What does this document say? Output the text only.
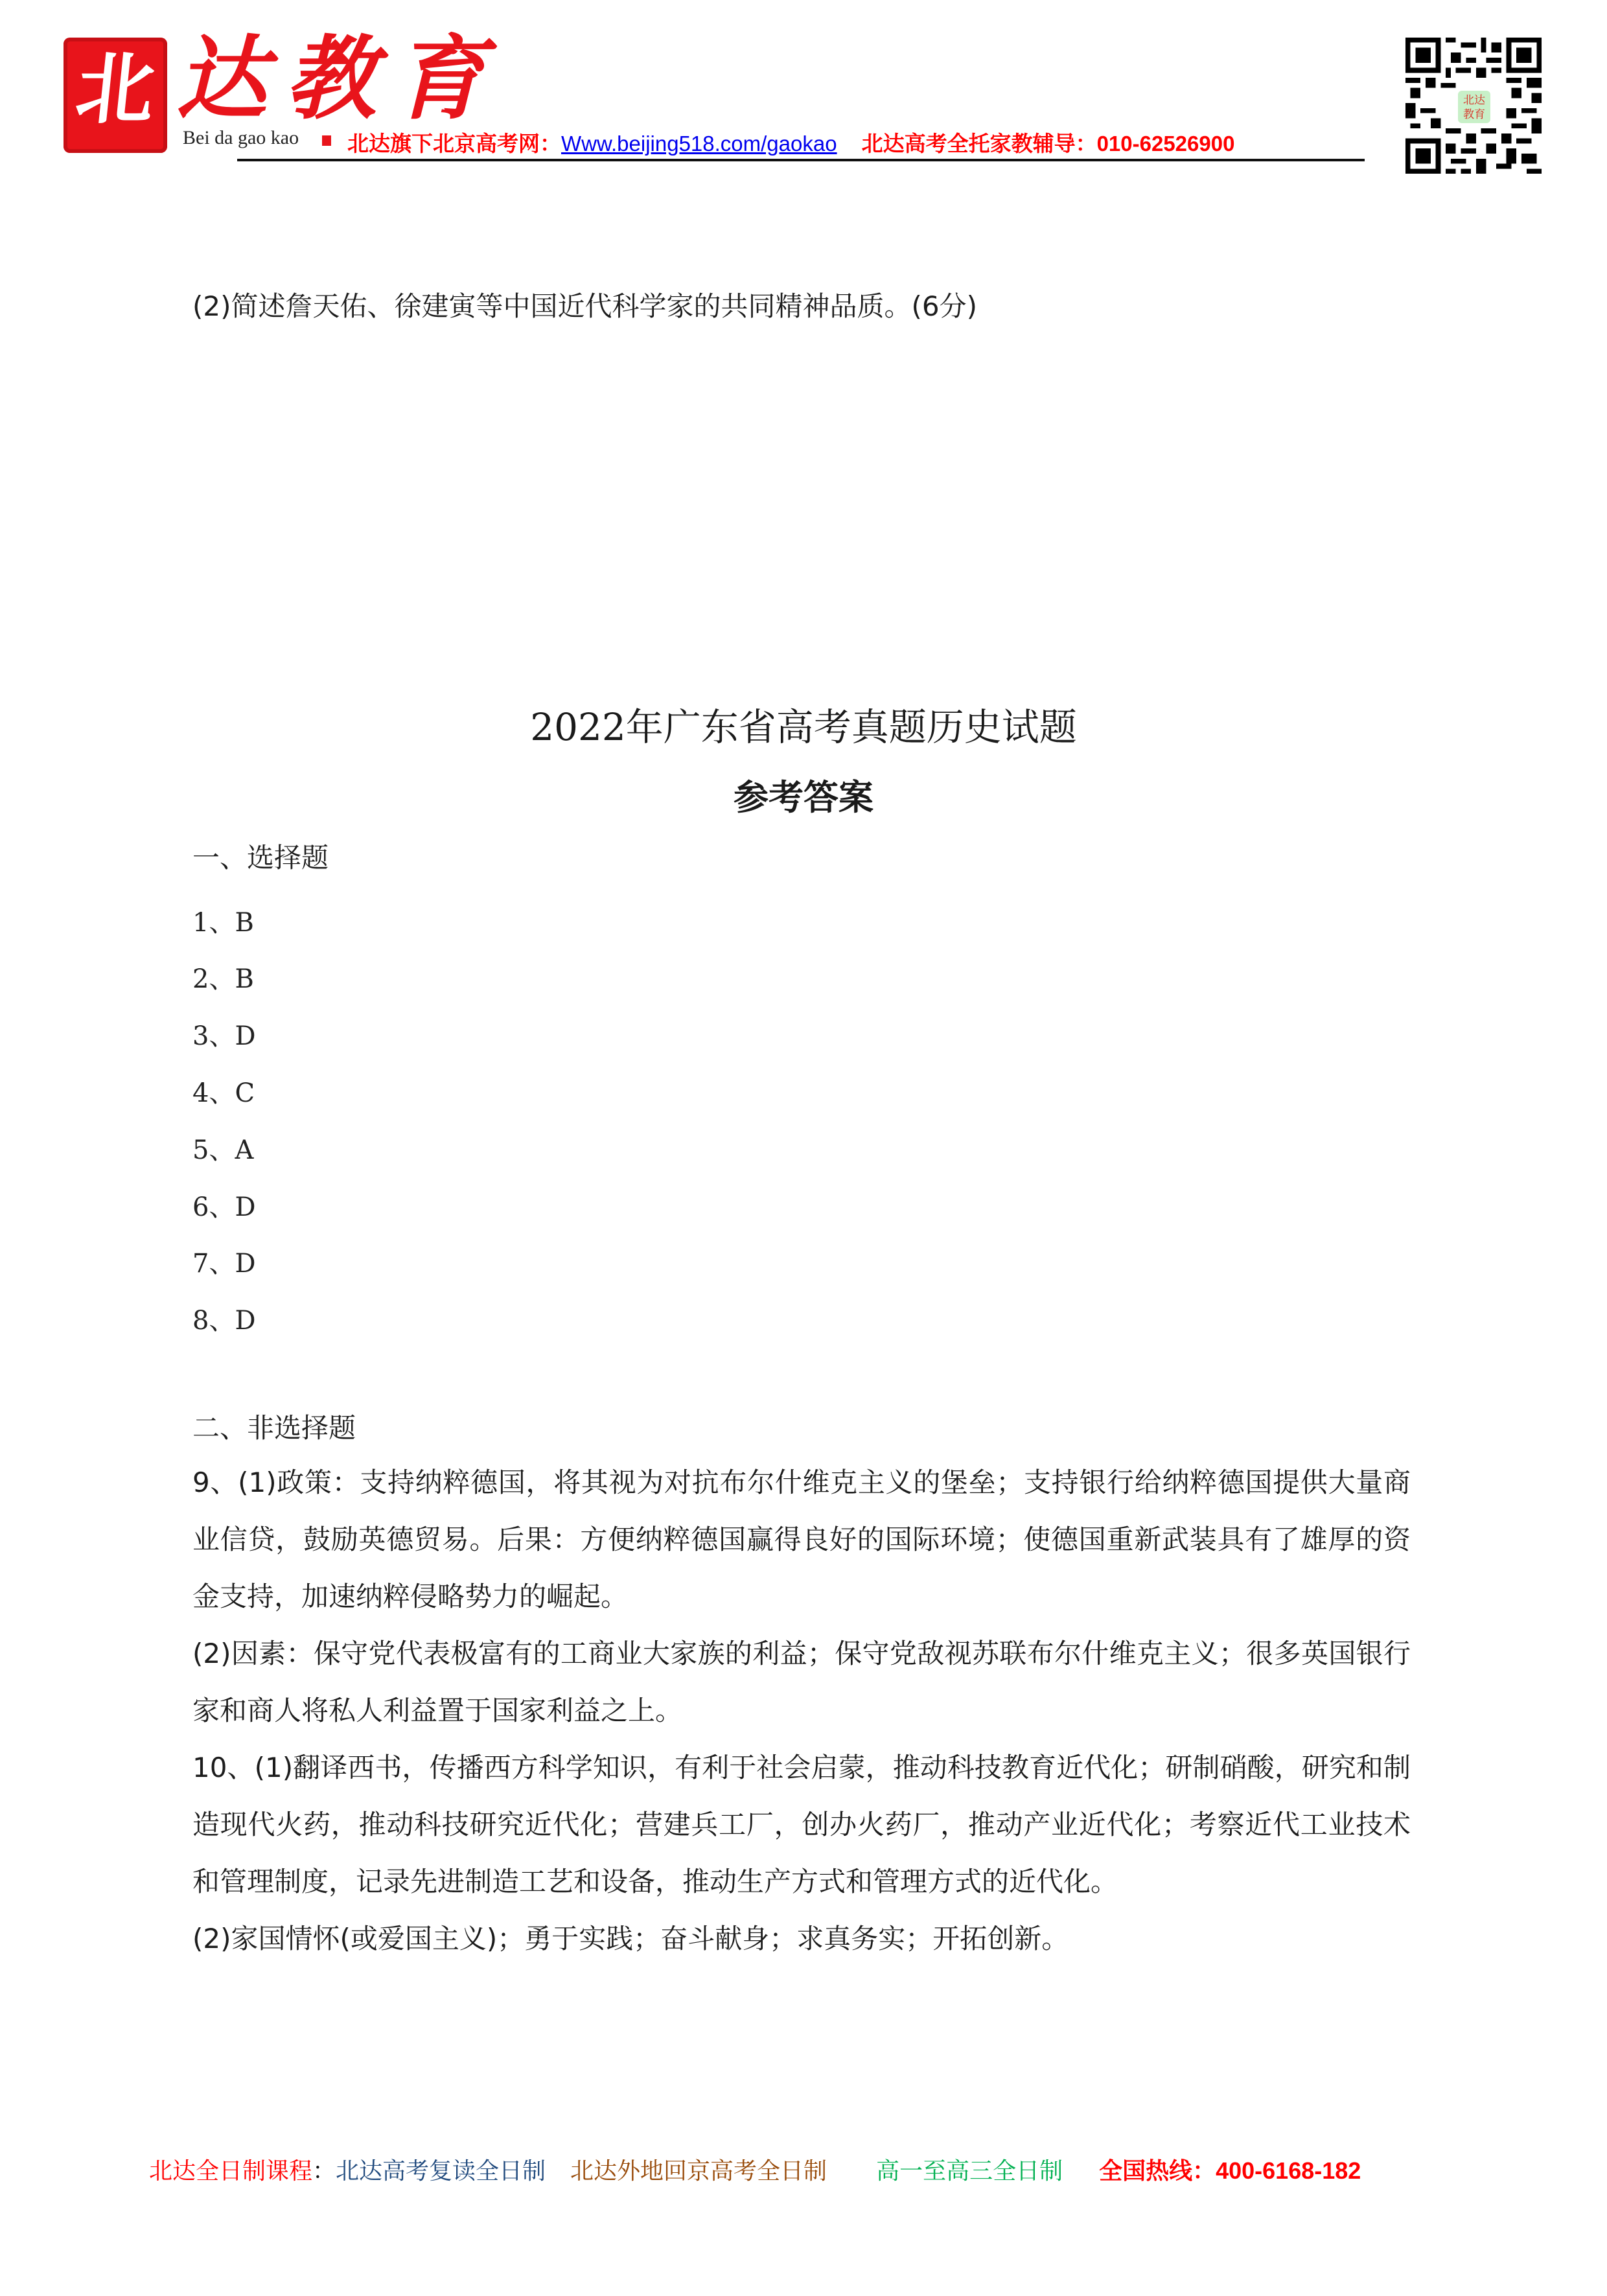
北 达教育
Bei da gao kao 北达旗下北京高考网：Www.beijing518.com/gaokao 北达高考全托家教辅导：010-62526900
北达
教育
(2)简述詹天佑、徐建寅等中国近代科学家的共同精神品质。(6分)
2022年广东省高考真题历史试题
参考答案
一、选择题
1、B
2、B
3、D
4、C
5、A
6、D
7、D
8、D
二、非选择题
9、(1)政策：支持纳粹德国，将其视为对抗布尔什维克主义的堡垒；支持银行给纳粹德国提供大量商业信贷，鼓励英德贸易。后果：方便纳粹德国赢得良好的国际环境；使德国重新武装具有了雄厚的资金支持，加速纳粹侵略势力的崛起。
(2)因素：保守党代表极富有的工商业大家族的利益；保守党敌视苏联布尔什维克主义；很多英国银行家和商人将私人利益置于国家利益之上。
10、(1)翻译西书，传播西方科学知识，有利于社会启蒙，推动科技教育近代化；研制硝酸，研究和制造现代火药，推动科技研究近代化；营建兵工厂，创办火药厂，推动产业近代化；考察近代工业技术和管理制度，记录先进制造工艺和设备，推动生产方式和管理方式的近代化。
(2)家国情怀(或爱国主义)；勇于实践；奋斗献身；求真务实；开拓创新。
北达全日制课程：北达高考复读全日制 北达外地回京高考全日制 高一至高三全日制 全国热线：400-6168-182
